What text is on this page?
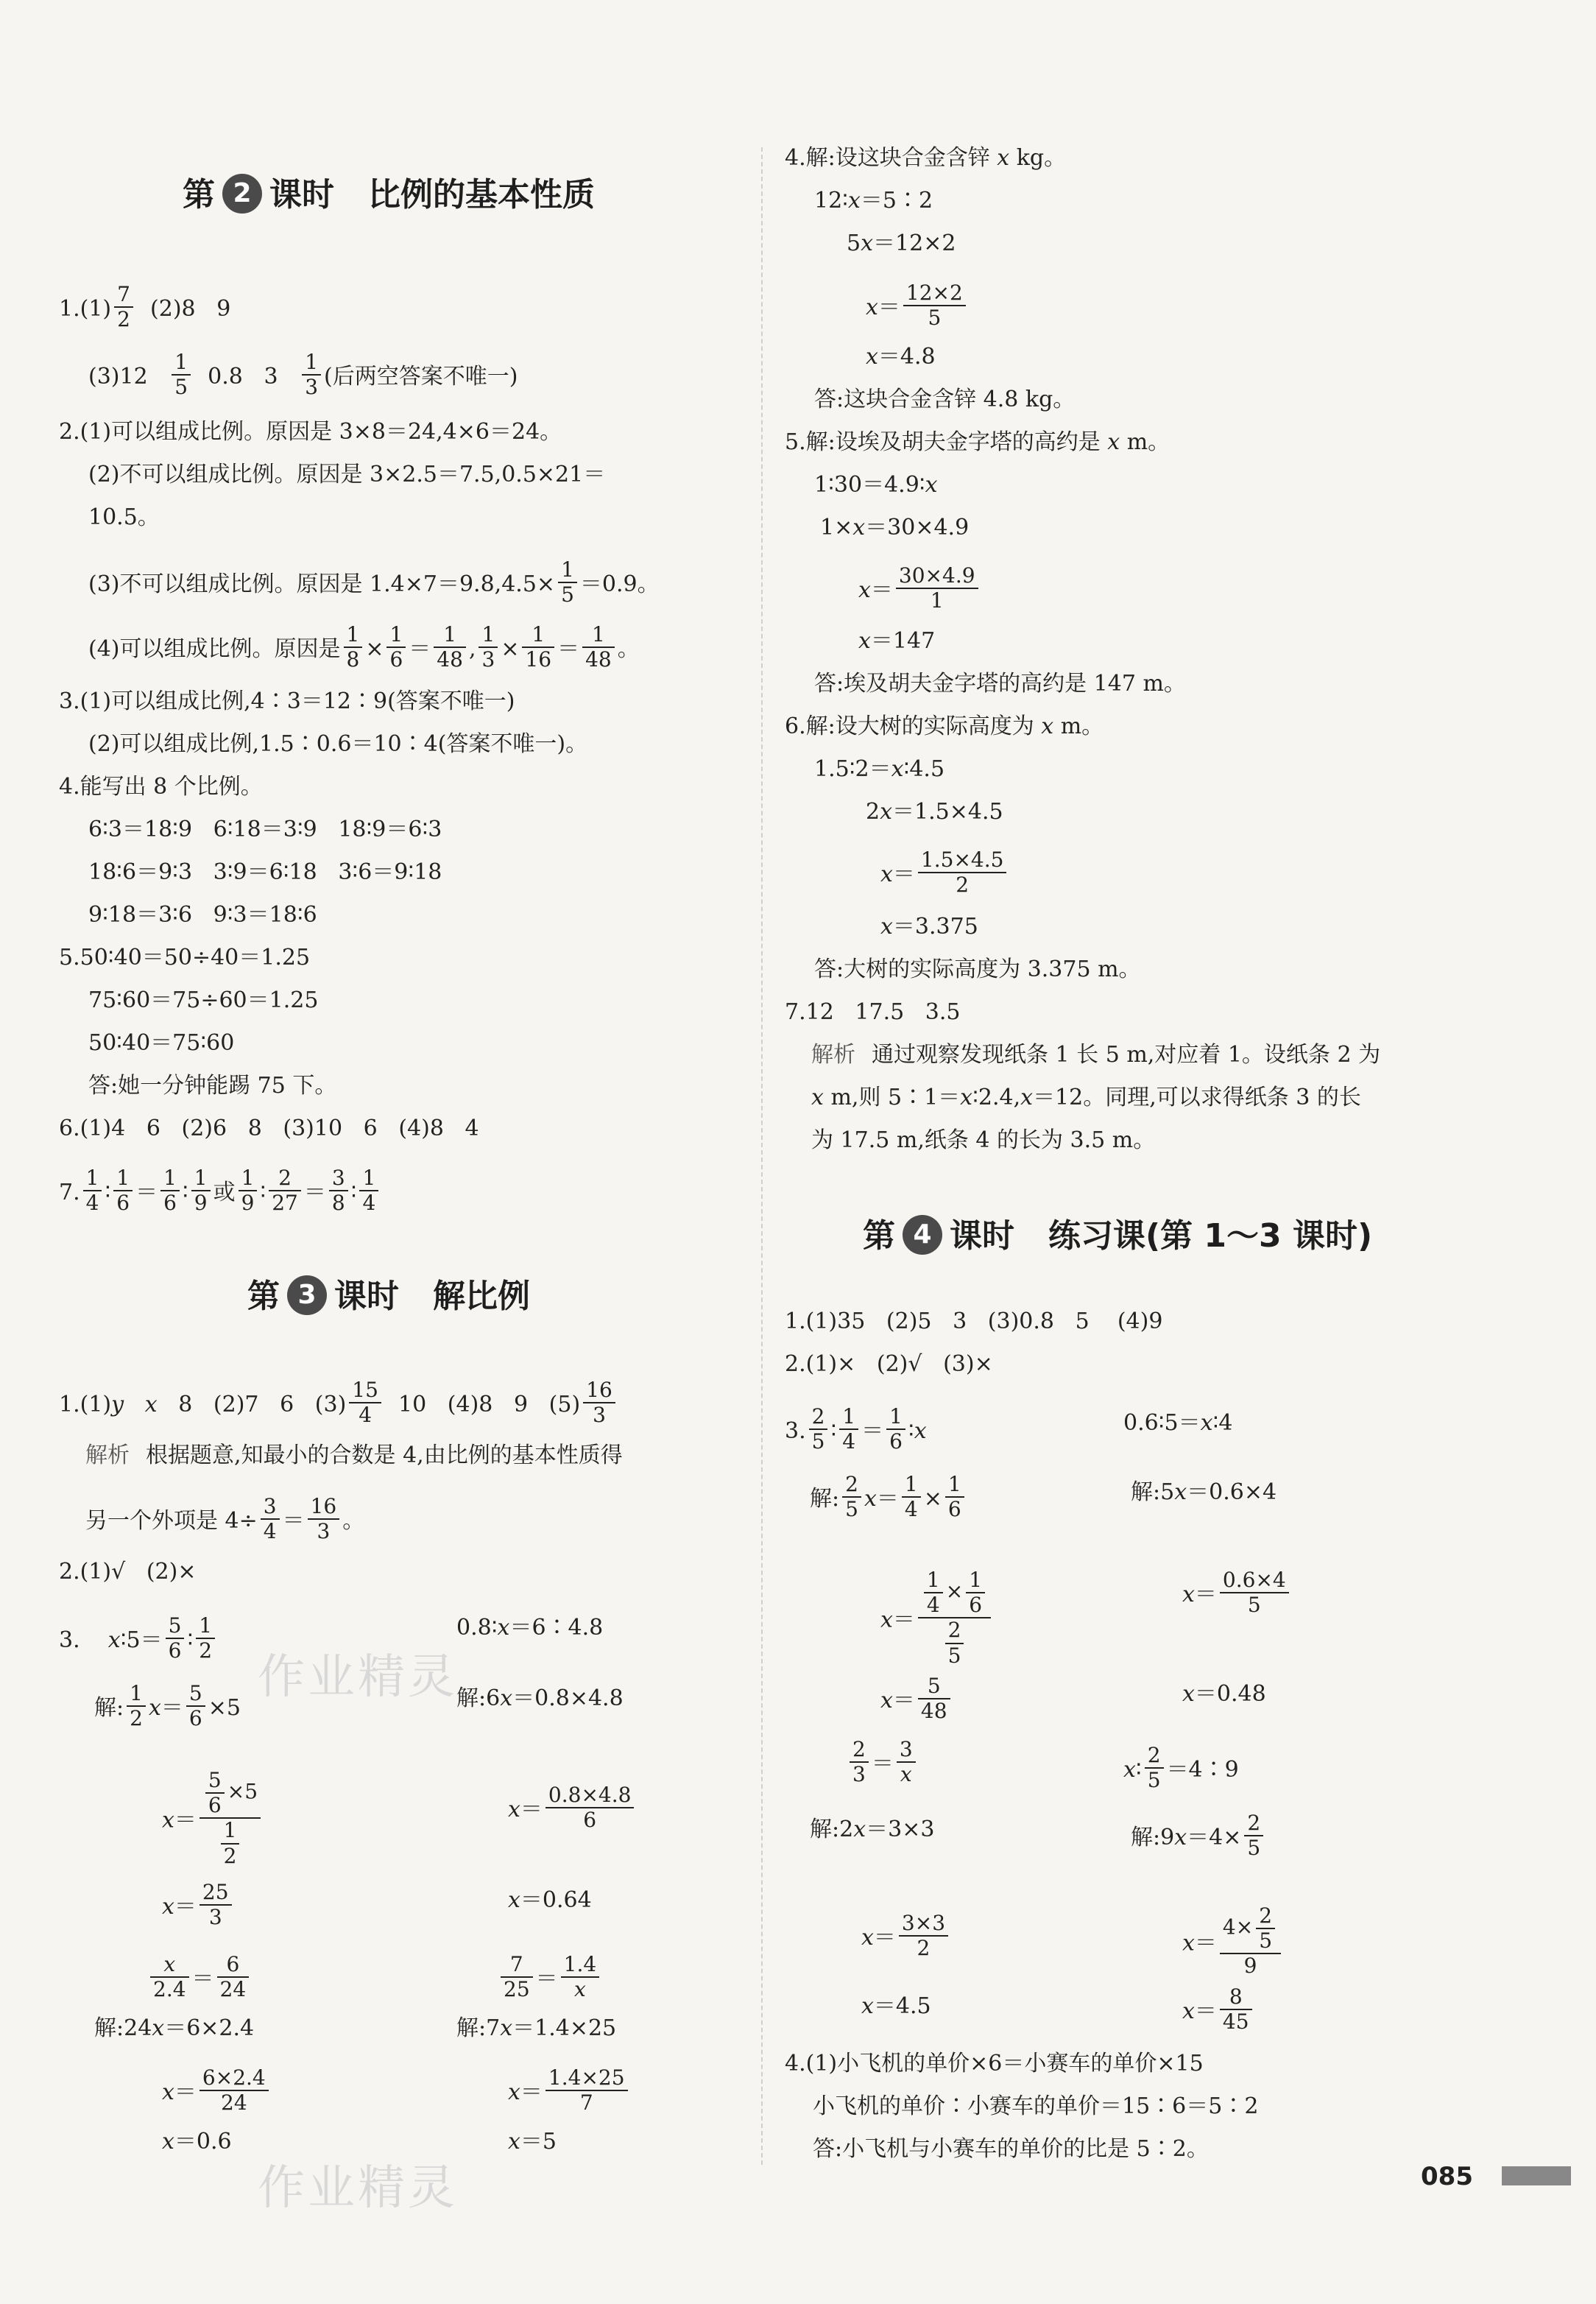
第 2 课时 比例的基本性质
$1.(1) \frac{7}{2} (2)8$   9
$(3)12 \frac{1}{5} 0.8$   $3 \frac{1}{3}$ (后两空答案不唯一)
2.(1)可以组成比例。原因是 3×8＝24,4×6＝24。
(2)不可以组成比例。原因是 3×2.5＝7.5,0.5×21＝
10.5。
(3)不可以组成比例。原因是 $1.4\times 7=9.8,4.5\times \frac{1}{5} =0.9$。
(4)可以组成比例。原因是 $\frac{1}{8} \times \frac{1}{6} = \frac{1}{48}$ , $\frac{1}{3} \times \frac{1}{16} = \frac{1}{48}$ 。
3.(1)可以组成比例,4∶3＝12∶9(答案不唯一)
(2)可以组成比例,1.5∶0.6＝10∶4(答案不唯一)。
4.能写出 8 个比例。
6∶3＝18∶9   6∶18＝3∶9   18∶9＝6∶3
18∶6＝9∶3   3∶9＝6∶18   3∶6＝9∶18
9∶18＝3∶6   9∶3＝18∶6
5.50∶40＝50÷40＝1.25
75∶60＝75÷60＝1.25
50∶40＝75∶60
答:她一分钟能踢 75 下。
6.(1)4   6   (2)6   8   (3)10   6   (4)8   4
7. $\frac{1}{4}$ ∶ $\frac{1}{6} = \frac{1}{6}$ ∶ $\frac{1}{9}$ 或 $\frac{1}{9}$ ∶ $\frac{2}{27} = \frac{3}{8}$ ∶ $\frac{1}{4}$
第 3 课时 解比例
1.(1)y x   8   (2)7   6   $(3) \frac{15}{4} 10$   (4)8   9   $(5) \frac{16}{3}$
解析 根据题意,知最小的合数是 4,由比例的基本性质得
另一个外项是 $4\div \frac{3}{4} = \frac{16}{3}$ 。
2.(1)√   (2)×
3.    x∶5＝ $\frac{5}{6}$ ∶ $\frac{1}{2}$	0.8∶x＝6∶4.8
解: $\frac{1}{2} x= \frac{5}{6} \times 5$	解:6x＝0.8×4.8
$x= \frac{\frac{5}{6} \times 5}{\frac{1}{2}}$	$x= \frac{0.8\times 4.8}{6}$
$x= \frac{25}{3}$	x＝0.64
$\frac{x}{2.4} = \frac{6}{24}$	$\frac{7}{25} = \frac{1.4}{x}$
解:24x＝6×2.4	解:7x＝1.4×25
$x= \frac{6\times 2.4}{24}$	$x= \frac{1.4\times 25}{7}$
x＝0.6	x＝5
4.解:设这块合金含锌 x kg。
12∶x＝5∶2
5x＝12×2
$x= \frac{12\times 2}{5}$
x＝4.8
答:这块合金含锌 4.8 kg。
5.解:设埃及胡夫金字塔的高约是 x m。
1∶30＝4.9∶x
1×x＝30×4.9
$x= \frac{30\times 4.9}{1}$
x＝147
答:埃及胡夫金字塔的高约是 147 m。
6.解:设大树的实际高度为 x m。
1.5∶2＝x∶4.5
2x＝1.5×4.5
$x= \frac{1.5\times 4.5}{2}$
x＝3.375
答:大树的实际高度为 3.375 m。
7.12   17.5   3.5
解析 通过观察发现纸条 1 长 5 m,对应着 1。设纸条 2 为
x m,则 5∶1＝x∶2.4,x＝12。同理,可以求得纸条 3 的长
为 17.5 m,纸条 4 的长为 3.5 m。
第 4 课时 练习课(第 1～3 课时)
1.(1)35   (2)5   3   (3)0.8   5    (4)9
2.(1)×   (2)√   (3)×
3. $\frac{2}{5}$ ∶ $\frac{1}{4} = \frac{1}{6}$ ∶x	0.6∶5＝x∶4
解: $\frac{2}{5} x= \frac{1}{4} \times \frac{1}{6}$	解:5x＝0.6×4
$x= \frac{\frac{1}{4} \times \frac{1}{6}}{\frac{2}{5}}$	$x= \frac{0.6\times 4}{5}$
$x= \frac{5}{48}$	x＝0.48
$\frac{2}{3} = \frac{3}{x}$	x∶ $\frac{2}{5}$ ＝4∶9
解:2x＝3×3	解:9x＝4× $\frac{2}{5}$
$x= \frac{3\times 3}{2}$	$x= \frac{4\times \frac{2}{5}}{9}$
x＝4.5	$x= \frac{8}{45}$
4.(1)小飞机的单价×6＝小赛车的单价×15
小飞机的单价∶小赛车的单价＝15∶6＝5∶2
答:小飞机与小赛车的单价的比是 5∶2。
作业精灵
作业精灵	085
